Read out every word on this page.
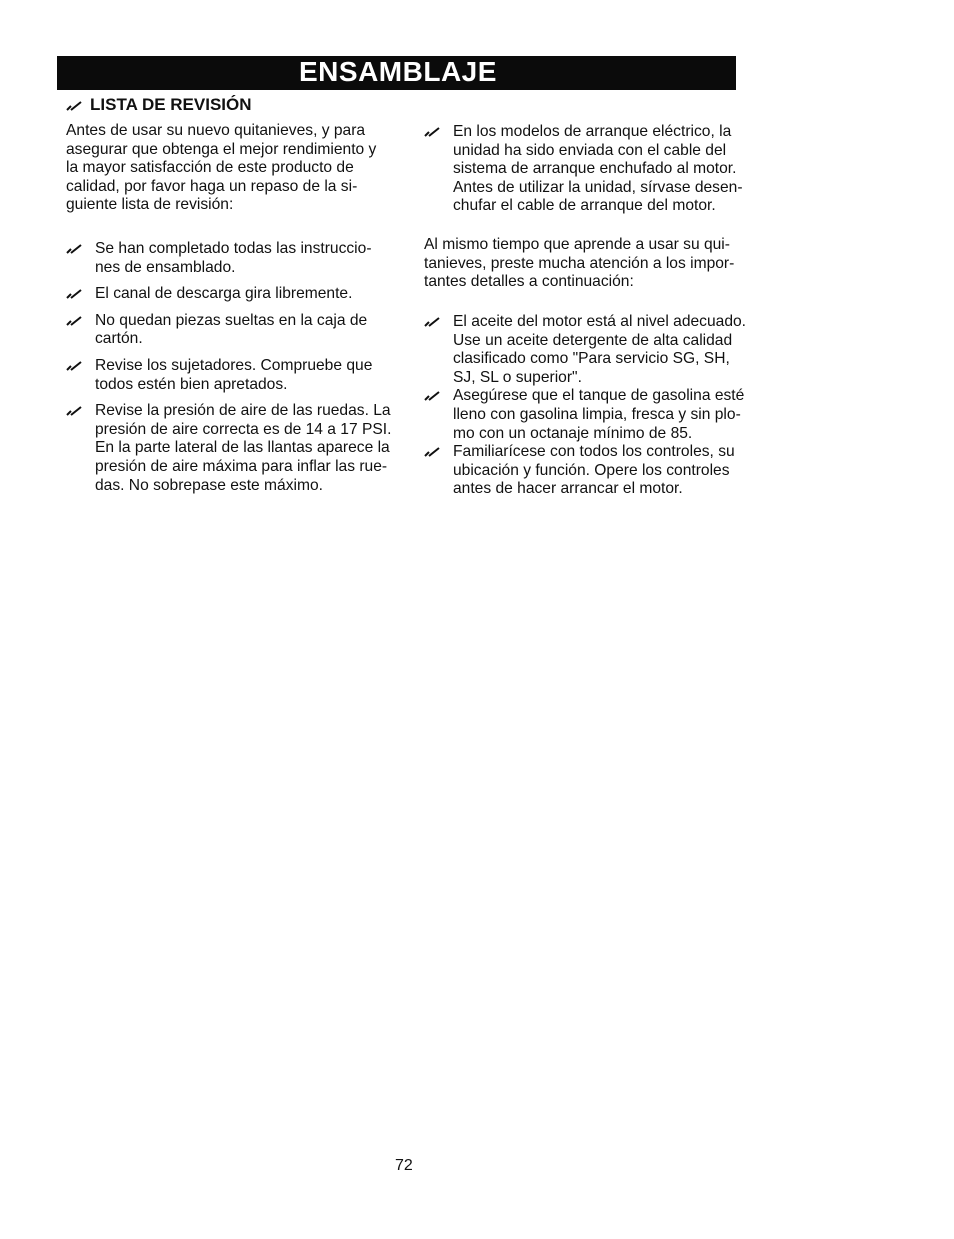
ENSAMBLAJE
LISTA DE REVISIÓN
Antes de usar su nuevo quitanieves, y para
asegurar que obtenga el mejor rendimiento y
la mayor satisfacción de este producto de
calidad, por favor haga un repaso de la si-
guiente lista de revisión:
Se han completado todas las instruccio-
nes de ensamblado.
El canal de descarga gira libremente.
No quedan piezas sueltas en la caja de
cartón.
Revise los sujetadores. Compruebe que
todos estén bien apretados.
Revise la presión de aire de las ruedas. La
presión de aire correcta es de 14 a 17 PSI.
En la parte lateral de las llantas aparece la
presión de aire máxima para inflar las rue-
das. No sobrepase este máximo.
En los modelos de arranque eléctrico, la
unidad ha sido enviada con el cable del
sistema de arranque enchufado al motor.
Antes de utilizar la unidad, sírvase desen-
chufar el cable de arranque del motor.
Al mismo tiempo que aprende a usar su qui-
tanieves, preste mucha atención a los impor-
tantes detalles a continuación:
El aceite del motor está al nivel adecuado.
Use un aceite detergente de alta calidad
clasificado como "Para servicio SG, SH,
SJ, SL o superior".
Asegúrese que el tanque de gasolina esté
lleno con gasolina limpia, fresca y sin plo-
mo con un octanaje mínimo de 85.
Familiarícese con todos los controles, su
ubicación y función. Opere los controles
antes de hacer arrancar el motor.
72
